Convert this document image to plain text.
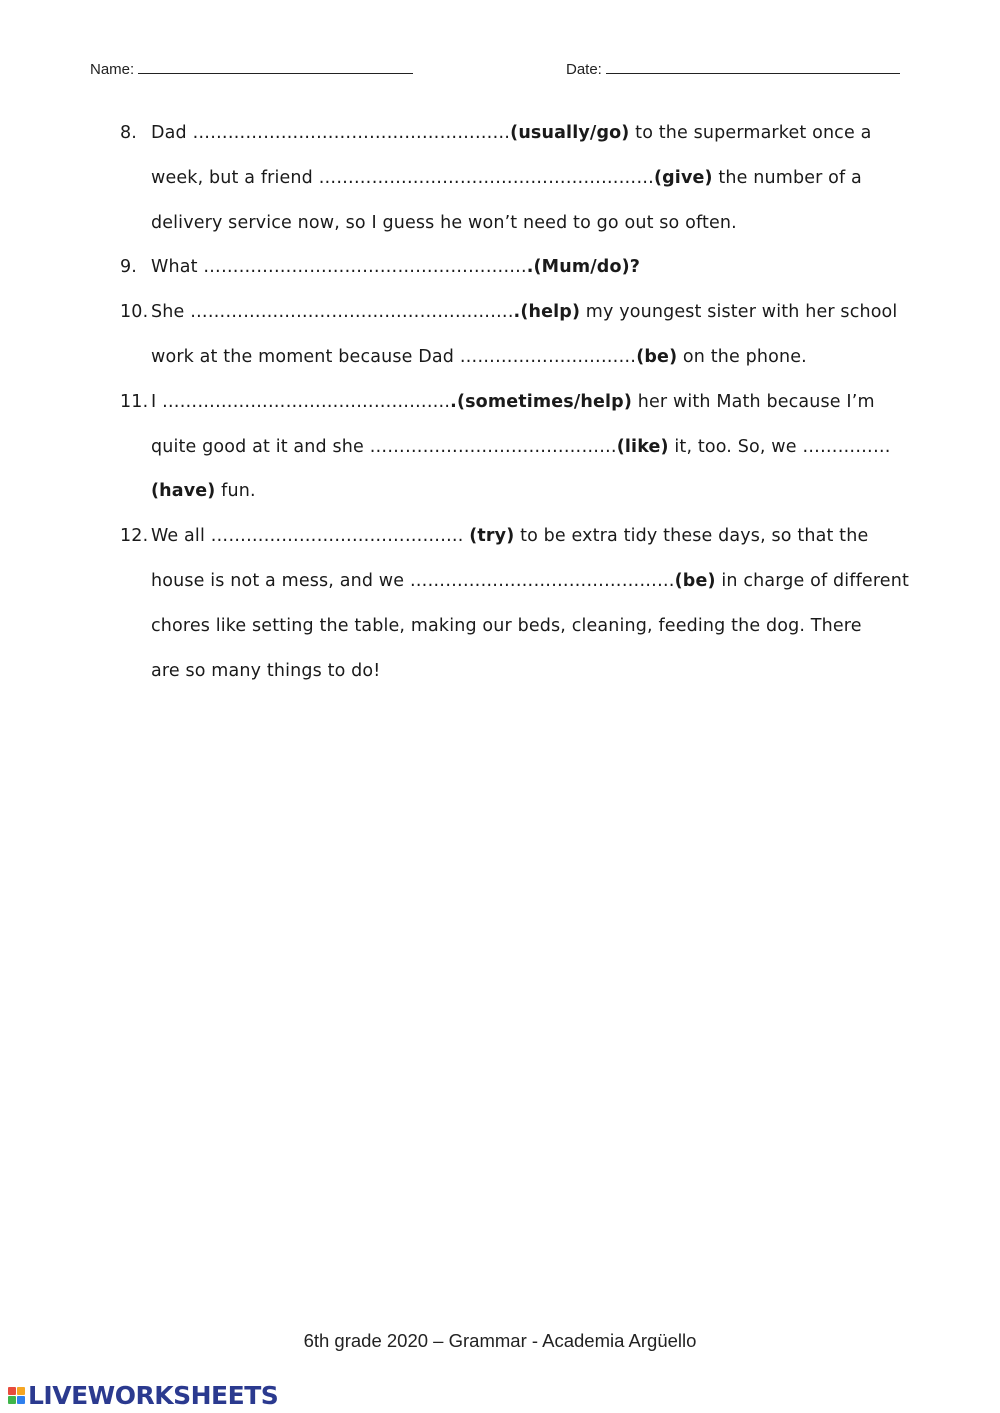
Name:	Date:
8. Dad ………………………………………………(usually/go) to the supermarket once a
week, but a friend …………………………………………………(give) the number of a
delivery service now, so I guess he won’t need to go out so often.
9. What ………………………………………………..(Mum/do)?
10. She ………………………………………………..(help) my youngest sister with her school
work at the moment because Dad …………………………(be) on the phone.
11. I …………………………………………..(sometimes/help) her with Math because I’m
quite good at it and she ……………………………………(like) it, too. So, we ……………
(have) fun.
12. We all ……………………………………. (try) to be extra tidy these days, so that the
house is not a mess, and we ………………………………………(be) in charge of different
chores like setting the table, making our beds, cleaning, feeding the dog. There
are so many things to do!
6th grade 2020 – Grammar - Academia Argüello
LIVEWORKSHEETS
